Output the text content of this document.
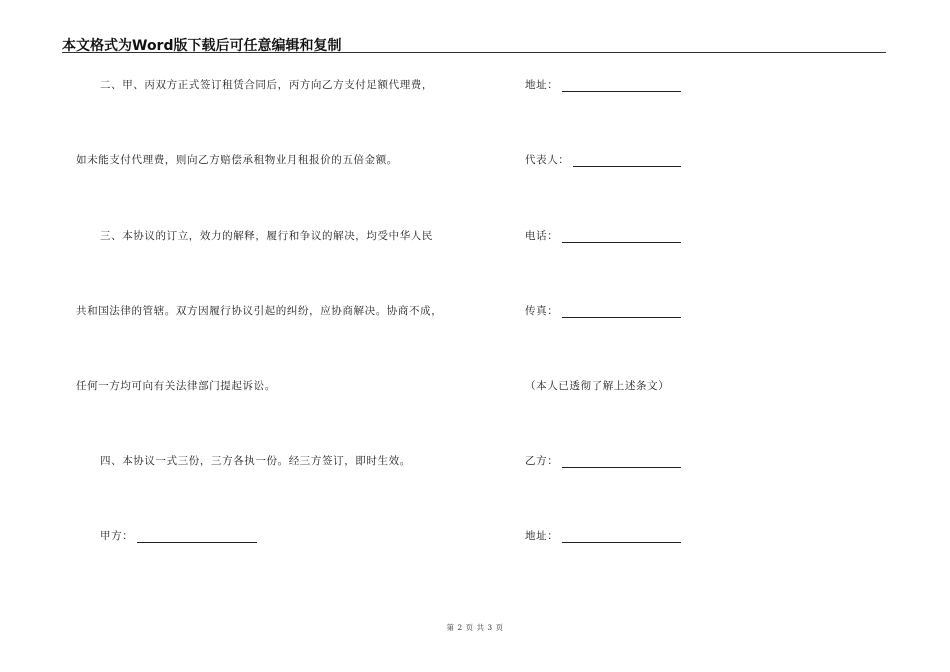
本文格式为Word版下载后可任意编辑和复制
二、甲、丙双方正式签订租赁合同后，丙方向乙方支付足额代理费，
如未能支付代理费，则向乙方赔偿承租物业月租报价的五倍金额。
三、本协议的订立，效力的解释，履行和争议的解决，均受中华人民
共和国法律的管辖。双方因履行协议引起的纠纷，应协商解决。协商不成，
任何一方均可向有关法律部门提起诉讼。
四、本协议一式三份，三方各执一份。经三方签订，即时生效。
甲方：
地址：
代表人：
电话：
传真：
（本人已透彻了解上述条文）
乙方：
地址：
第 2 页 共 3 页
